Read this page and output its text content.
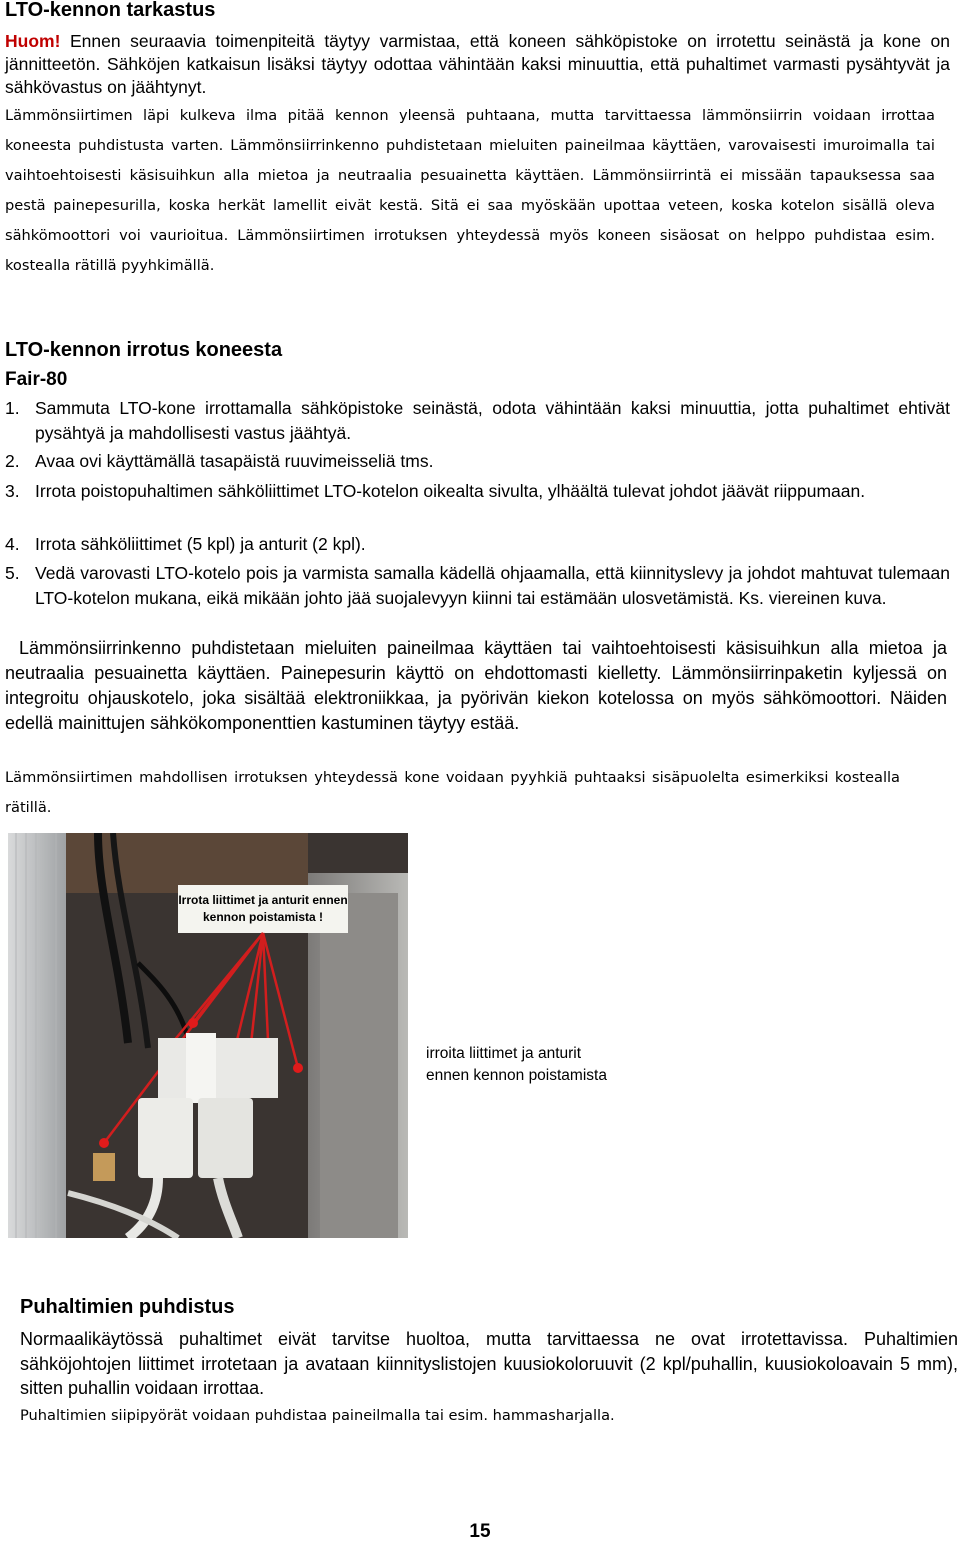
LTO-kennon tarkastus
Huom! Ennen seuraavia toimenpiteitä täytyy varmistaa, että koneen sähköpistoke on irrotettu seinästä ja kone on jännitteetön. Sähköjen katkaisun lisäksi täytyy odottaa vähintään kaksi minuuttia, että puhaltimet varmasti pysähtyvät ja sähkövastus on jäähtynyt.
Lämmönsiirtimen läpi kulkeva ilma pitää kennon yleensä puhtaana, mutta tarvittaessa lämmönsiirrin voidaan irrottaa koneesta puhdistusta varten. Lämmönsiirrinkenno puhdistetaan mieluiten paineilmaa käyttäen, varovaisesti imuroimalla tai vaihtoehtoisesti käsisuihkun alla mietoa ja neutraalia pesuainetta käyttäen. Lämmönsiirrintä ei missään tapauksessa saa pestä painepesurilla, koska herkät lamellit eivät kestä. Sitä ei saa myöskään upottaa veteen, koska kotelon sisällä oleva sähkömoottori voi vaurioitua. Lämmönsiirtimen irrotuksen yhteydessä myös koneen sisäosat on helppo puhdistaa esim. kostealla rätillä pyyhkimällä.
LTO-kennon irrotus koneesta
Fair-80
1. Sammuta LTO-kone irrottamalla sähköpistoke seinästä, odota vähintään kaksi minuuttia, jotta puhaltimet ehtivät pysähtyä ja mahdollisesti vastus jäähtyä.
2. Avaa ovi käyttämällä tasapäistä ruuvimeisseliä tms.
3. Irrota poistopuhaltimen sähköliittimet LTO-kotelon oikealta sivulta, ylhäältä tulevat johdot jäävät riippumaan.
4. Irrota sähköliittimet (5 kpl) ja anturit (2 kpl).
5. Vedä varovasti LTO-kotelo pois ja varmista samalla kädellä ohjaamalla, että kiinnityslevy ja johdot mahtuvat tulemaan LTO-kotelon mukana, eikä mikään johto jää suojalevyyn kiinni tai estämään ulosvetämistä. Ks. viereinen kuva.
Lämmönsiirrinkenno puhdistetaan mieluiten paineilmaa käyttäen tai vaihtoehtoisesti käsisuihkun alla mietoa ja neutraalia pesuainetta käyttäen. Painepesurin käyttö on ehdottomasti kielletty. Lämmönsiirrinpaketin kyljessä on integroitu ohjauskotelo, joka sisältää elektroniikkaa, ja pyörivän kiekon kotelossa on myös sähkömoottori. Näiden edellä mainittujen sähkökomponenttien kastuminen täytyy estää.
Lämmönsiirtimen mahdollisen irrotuksen yhteydessä kone voidaan pyyhkiä puhtaaksi sisäpuolelta esimerkiksi kostealla rätillä.
Irrota liittimet ja anturit ennen
kennon poistamista !
irroita liittimet ja anturit
ennen kennon poistamista
Puhaltimien puhdistus
Normaalikäytössä puhaltimet eivät tarvitse huoltoa, mutta tarvittaessa ne ovat irrotettavissa. Puhaltimien sähköjohtojen liittimet irrotetaan ja avataan kiinnityslistojen kuusiokoloruuvit (2 kpl/puhallin, kuusiokoloavain 5 mm), sitten puhallin voidaan irrottaa.
Puhaltimien siipipyörät voidaan puhdistaa paineilmalla tai esim. hammasharjalla.
15
